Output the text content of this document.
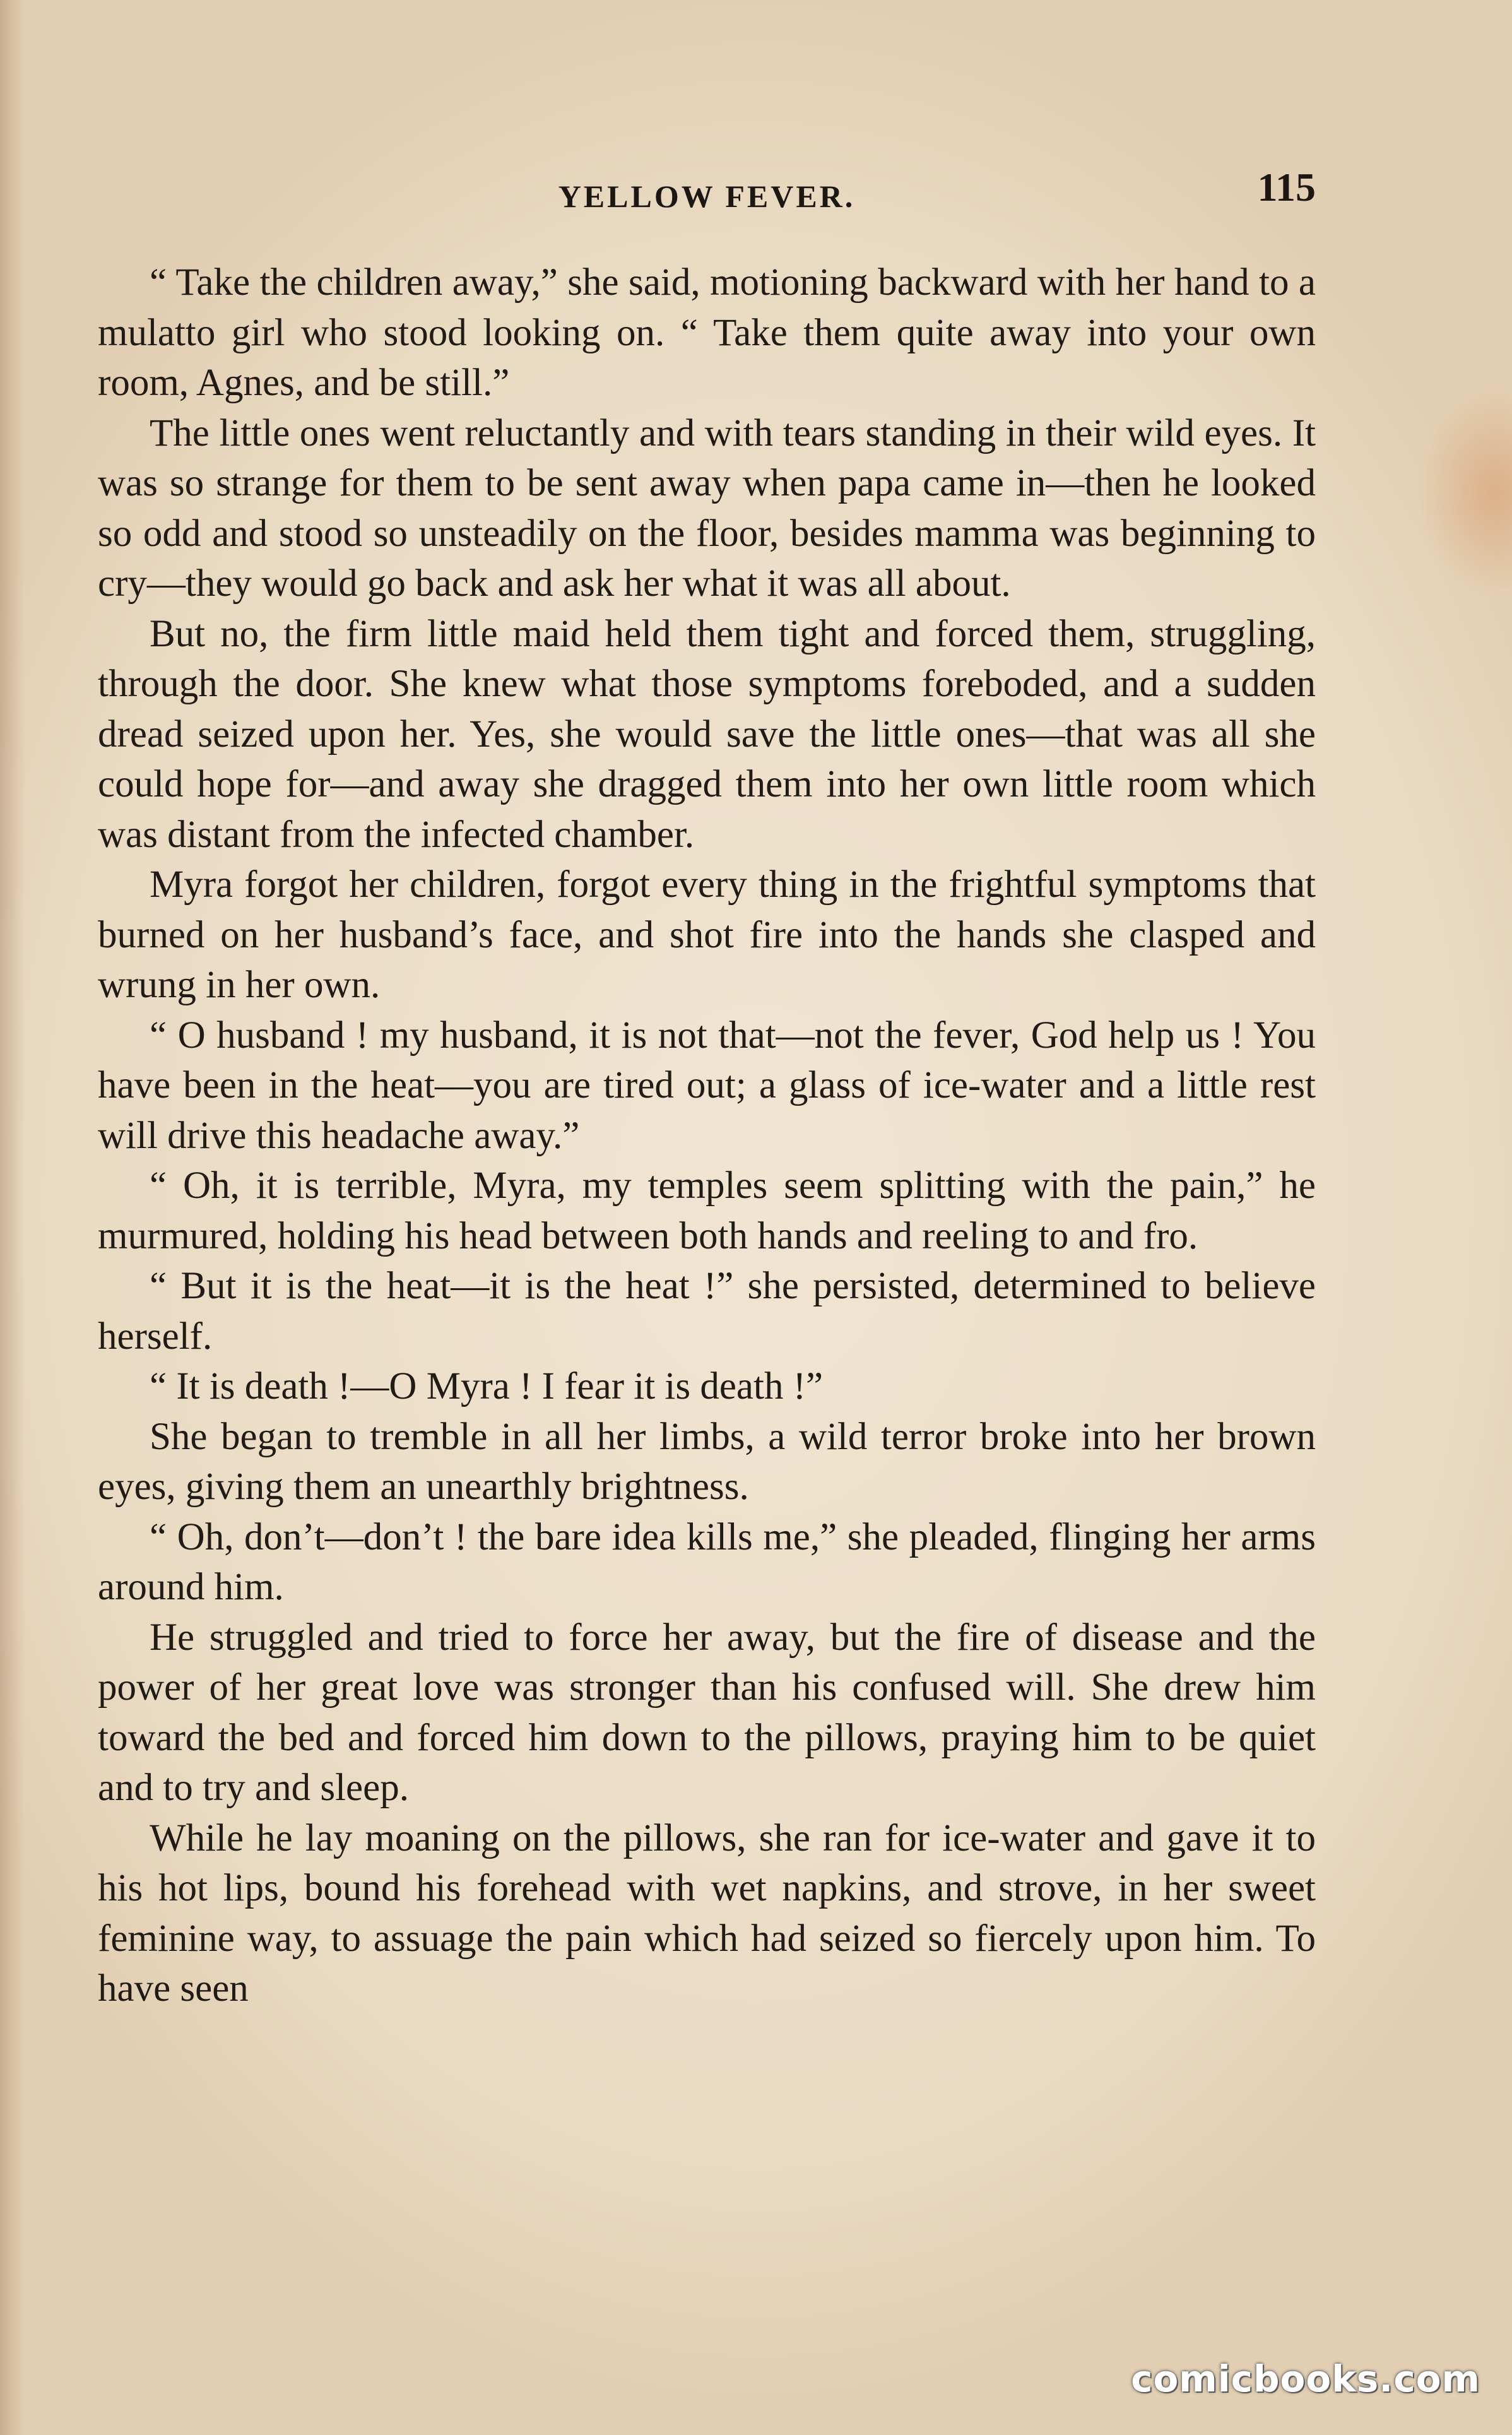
YELLOW FEVER.	115

“ Take the children away,” she said, motioning backward with her hand to a mulatto girl who stood looking on. “ Take them quite away into your own room, Agnes, and be still.”

The little ones went reluctantly and with tears standing in their wild eyes. It was so strange for them to be sent away when papa came in—then he looked so odd and stood so unsteadily on the floor, besides mamma was beginning to cry—they would go back and ask her what it was all about.

But no, the firm little maid held them tight and forced them, struggling, through the door. She knew what those symptoms foreboded, and a sudden dread seized upon her. Yes, she would save the little ones—that was all she could hope for—and away she dragged them into her own little room which was distant from the infected chamber.

Myra forgot her children, forgot every thing in the frightful symptoms that burned on her husband’s face, and shot fire into the hands she clasped and wrung in her own.

“ O husband ! my husband, it is not that—not the fever, God help us ! You have been in the heat—you are tired out; a glass of ice-water and a little rest will drive this headache away.”

“ Oh, it is terrible, Myra, my temples seem splitting with the pain,” he murmured, holding his head between both hands and reeling to and fro.

“ But it is the heat—it is the heat !” she persisted, determined to believe herself.

“ It is death !—O Myra ! I fear it is death !”

She began to tremble in all her limbs, a wild terror broke into her brown eyes, giving them an unearthly brightness.

“ Oh, don’t—don’t ! the bare idea kills me,” she pleaded, flinging her arms around him.

He struggled and tried to force her away, but the fire of disease and the power of her great love was stronger than his confused will. She drew him toward the bed and forced him down to the pillows, praying him to be quiet and to try and sleep.

While he lay moaning on the pillows, she ran for ice-water and gave it to his hot lips, bound his forehead with wet napkins, and strove, in her sweet feminine way, to assuage the pain which had seized so fiercely upon him. To have seen

comicbooks.com
